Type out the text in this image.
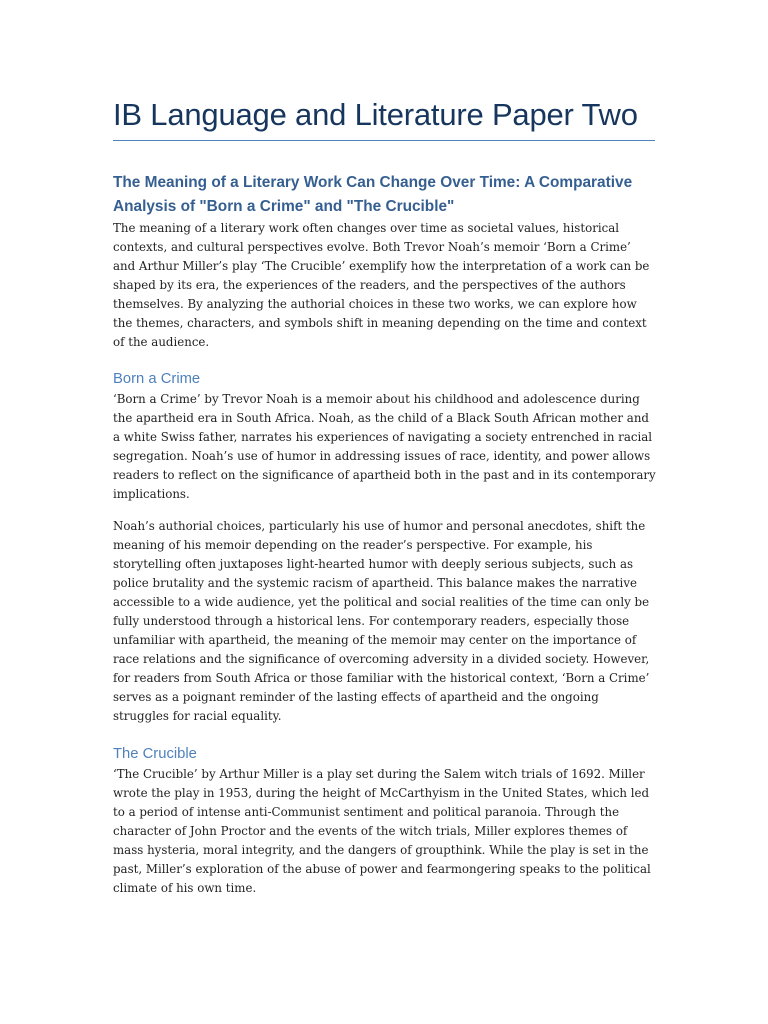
IB Language and Literature Paper Two
The Meaning of a Literary Work Can Change Over Time: A Comparative Analysis of "Born a Crime" and "The Crucible"

The meaning of a literary work often changes over time as societal values, historical contexts, and cultural perspectives evolve. Both Trevor Noah’s memoir ‘Born a Crime’ and Arthur Miller’s play ‘The Crucible’ exemplify how the interpretation of a work can be shaped by its era, the experiences of the readers, and the perspectives of the authors themselves. By analyzing the authorial choices in these two works, we can explore how the themes, characters, and symbols shift in meaning depending on the time and context of the audience.

Born a Crime

‘Born a Crime’ by Trevor Noah is a memoir about his childhood and adolescence during the apartheid era in South Africa. Noah, as the child of a Black South African mother and a white Swiss father, narrates his experiences of navigating a society entrenched in racial segregation. Noah’s use of humor in addressing issues of race, identity, and power allows readers to reflect on the significance of apartheid both in the past and in its contemporary implications.

Noah’s authorial choices, particularly his use of humor and personal anecdotes, shift the meaning of his memoir depending on the reader’s perspective. For example, his storytelling often juxtaposes light-hearted humor with deeply serious subjects, such as police brutality and the systemic racism of apartheid. This balance makes the narrative accessible to a wide audience, yet the political and social realities of the time can only be fully understood through a historical lens. For contemporary readers, especially those unfamiliar with apartheid, the meaning of the memoir may center on the importance of race relations and the significance of overcoming adversity in a divided society. However, for readers from South Africa or those familiar with the historical context, ‘Born a Crime’ serves as a poignant reminder of the lasting effects of apartheid and the ongoing struggles for racial equality.

The Crucible

‘The Crucible’ by Arthur Miller is a play set during the Salem witch trials of 1692. Miller wrote the play in 1953, during the height of McCarthyism in the United States, which led to a period of intense anti-Communist sentiment and political paranoia. Through the character of John Proctor and the events of the witch trials, Miller explores themes of mass hysteria, moral integrity, and the dangers of groupthink. While the play is set in the past, Miller’s exploration of the abuse of power and fearmongering speaks to the political climate of his own time.
